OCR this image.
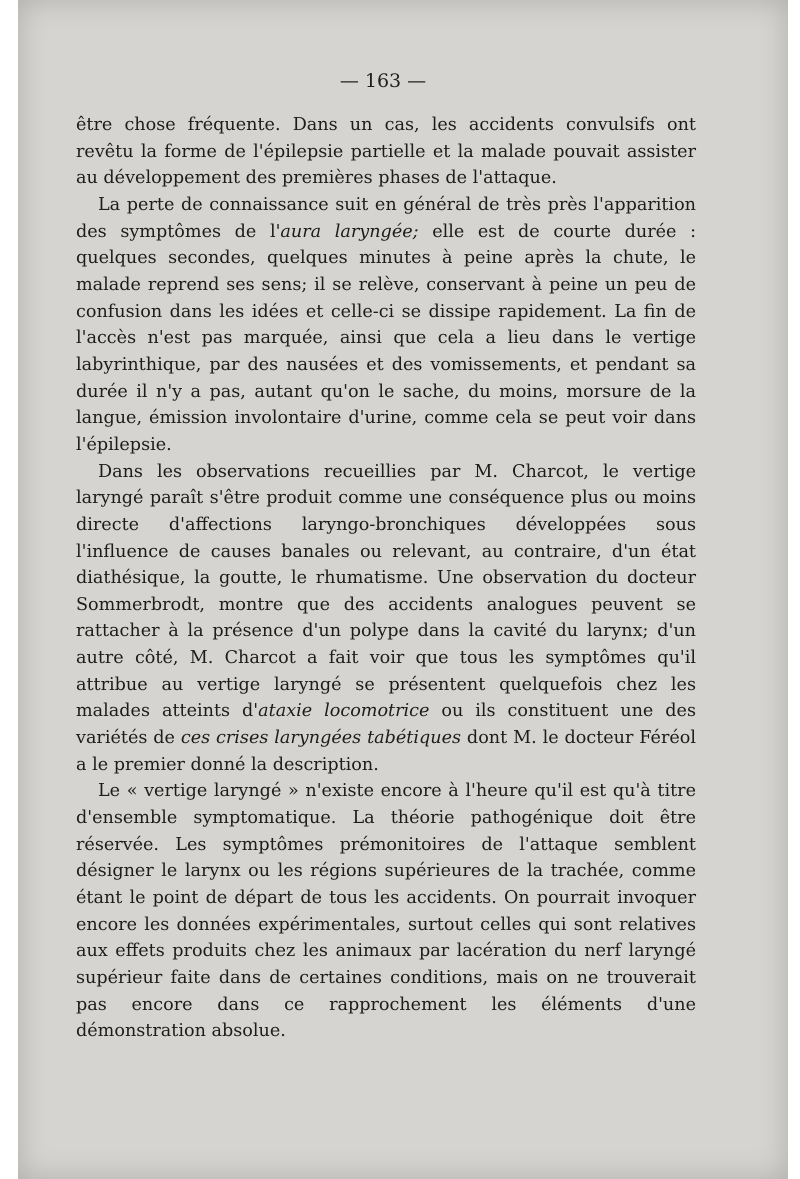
— 163 —

être chose fréquente. Dans un cas, les accidents convulsifs ont revêtu la forme de l'épilepsie partielle et la malade pouvait assister au développement des premières phases de l'attaque.

La perte de connaissance suit en général de très près l'apparition des symptômes de l'aura laryngée; elle est de courte durée : quelques secondes, quelques minutes à peine après la chute, le malade reprend ses sens; il se relève, conservant à peine un peu de confusion dans les idées et celle-ci se dissipe rapidement. La fin de l'accès n'est pas marquée, ainsi que cela a lieu dans le vertige labyrinthique, par des nausées et des vomissements, et pendant sa durée il n'y a pas, autant qu'on le sache, du moins, morsure de la langue, émission involontaire d'urine, comme cela se peut voir dans l'épilepsie.

Dans les observations recueillies par M. Charcot, le vertige laryngé paraît s'être produit comme une conséquence plus ou moins directe d'affections laryngo-bronchiques développées sous l'influence de causes banales ou relevant, au contraire, d'un état diathésique, la goutte, le rhumatisme. Une observation du docteur Sommerbrodt, montre que des accidents analogues peuvent se rattacher à la présence d'un polype dans la cavité du larynx; d'un autre côté, M. Charcot a fait voir que tous les symptômes qu'il attribue au vertige laryngé se présentent quelquefois chez les malades atteints d'ataxie locomotrice ou ils constituent une des variétés de ces crises laryngées tabétiques dont M. le docteur Féréol a le premier donné la description.

Le « vertige laryngé » n'existe encore à l'heure qu'il est qu'à titre d'ensemble symptomatique. La théorie pathogénique doit être réservée. Les symptômes prémonitoires de l'attaque semblent désigner le larynx ou les régions supérieures de la trachée, comme étant le point de départ de tous les accidents. On pourrait invoquer encore les données expérimentales, surtout celles qui sont relatives aux effets produits chez les animaux par lacération du nerf laryngé supérieur faite dans de certaines conditions, mais on ne trouverait pas encore dans ce rapprochement les éléments d'une démonstration absolue.
